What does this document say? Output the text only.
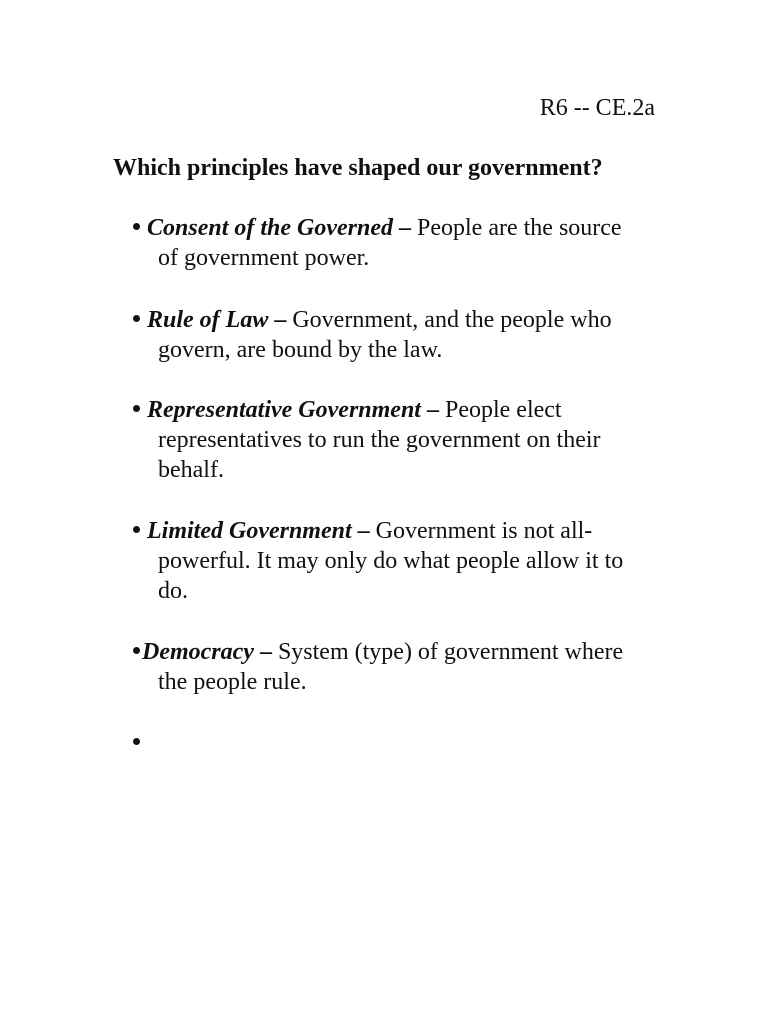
R6 -- CE.2a
Which principles have shaped our government?
Consent of the Governed – People are the source
of government power.
Rule of Law – Government, and the people who
govern, are bound by the law.
Representative Government – People elect
representatives to run the government on their
behalf.
Limited Government – Government is not all-
powerful. It may only do what people allow it to
do.
Democracy – System (type) of government where
the people rule.
